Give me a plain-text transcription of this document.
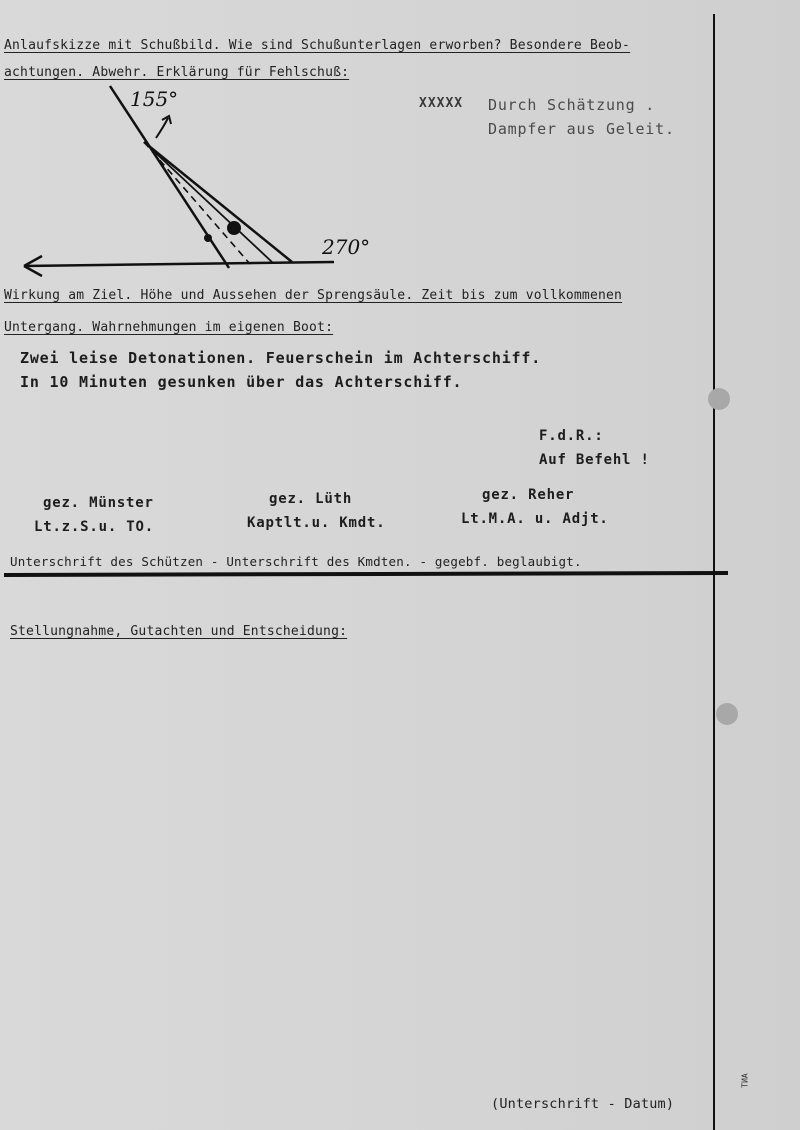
Anlaufskizze mit Schußbild. Wie sind Schußunterlagen erworben? Besondere Beob-
achtungen. Abwehr. Erklärung für Fehlschuß:
155°
270°
XXXXX Durch Schätzung .
Dampfer aus Geleit.
Wirkung am Ziel. Höhe und Aussehen der Sprengsäule. Zeit bis zum vollkommenen
Untergang. Wahrnehmungen im eigenen Boot:
Zwei leise Detonationen. Feuerschein im Achterschiff.
In 10 Minuten gesunken über das Achterschiff.
F.d.R.:
Auf Befehl !
gez. Münster
Lt.z.S.u. TO.
gez. Lüth
Kaptlt.u. Kmdt.
gez. Reher
Lt.M.A. u. Adjt.
Unterschrift des Schützen - Unterschrift des Kmdten. - gegebf. beglaubigt.
Stellungnahme, Gutachten und Entscheidung:
(Unterschrift - Datum)
ТИА
